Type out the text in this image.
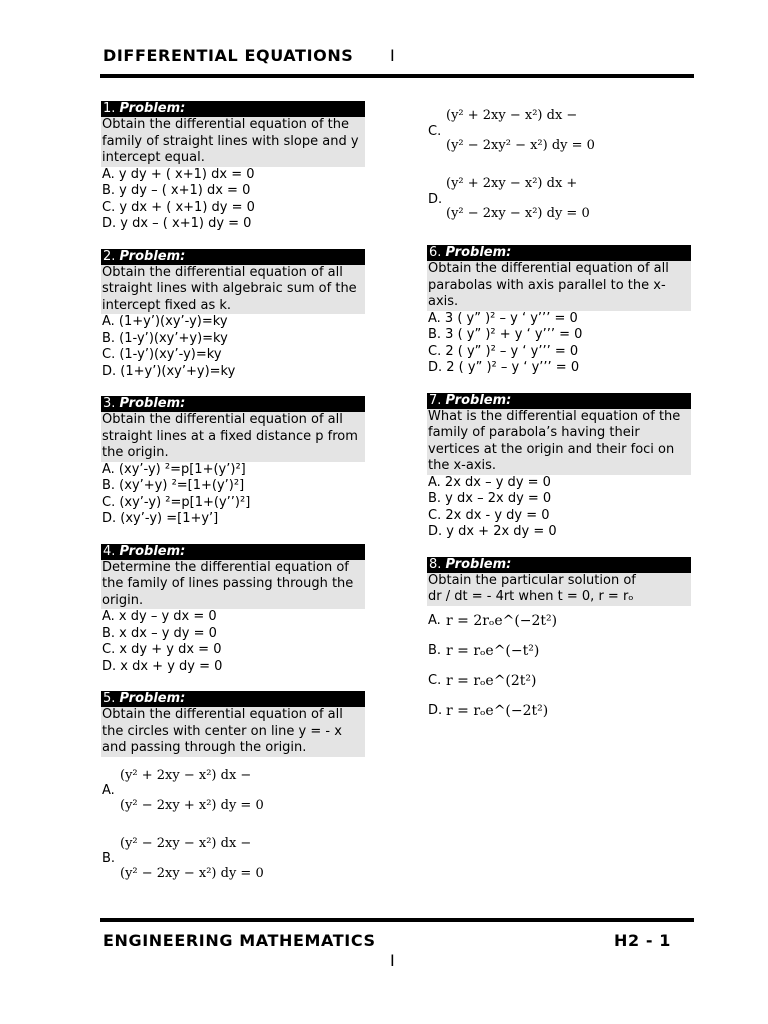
DIFFERENTIAL EQUATIONS I
1. Problem:
Obtain the differential equation of the family of straight lines with slope and y intercept equal.
A. y dy + ( x+1) dx = 0
B. y dy – ( x+1) dx = 0
C. y dx + ( x+1) dy = 0
D. y dx – ( x+1) dy = 0
2. Problem:
Obtain the differential equation of all straight lines with algebraic sum of the intercept fixed as k.
A. (1+y’)(xy’-y)=ky
B. (1-y’)(xy’+y)=ky
C. (1-y’)(xy’-y)=ky
D. (1+y’)(xy’+y)=ky
3. Problem:
Obtain the differential equation of all straight lines at a fixed distance p from the origin.
A. (xy’-y) ²=p[1+(y’)²]
B. (xy’+y) ²=[1+(y’)²]
C. (xy’-y) ²=p[1+(y’’)²]
D. (xy’-y) =[1+y’]
4. Problem:
Determine the differential equation of the family of lines passing through the origin.
A. x dy – y dx = 0
B. x dx – y dy = 0
C. x dy + y dx = 0
D. x dx + y dy = 0
5. Problem:
Obtain the differential equation of all the circles with center on line y = - x and passing through the origin.
A.
(y² + 2xy − x²) dx −
(y² − 2xy + x²) dy = 0
B.
(y² − 2xy − x²) dx −
(y² − 2xy − x²) dy = 0
C.
(y² + 2xy − x²) dx −
(y² − 2xy² − x²) dy = 0
D.
(y² + 2xy − x²) dx +
(y² − 2xy − x²) dy = 0
6. Problem:
Obtain the differential equation of all parabolas with axis parallel to the x-axis.
A. 3 ( y” )² – y ‘ y’’’ = 0
B. 3 ( y” )² + y ‘ y’’’ = 0
C. 2 ( y” )² – y ‘ y’’’ = 0
D. 2 ( y” )² – y ‘ y’’’ = 0
7. Problem:
What is the differential equation of the family of parabola’s having their vertices at the origin and their foci on the x-axis.
A. 2x dx – y dy = 0
B. y dx – 2x dy = 0
C. 2x dx - y dy = 0
D. y dx + 2x dy = 0
8. Problem:
Obtain the particular solution of
dr / dt = - 4rt when t = 0, r = rₒ
A. r = 2rₒe^(−2t²)
B. r = rₒe^(−t²)
C. r = rₒe^(2t²)
D. r = rₒe^(−2t²)
ENGINEERING MATHEMATICS	H2 - 1
I
